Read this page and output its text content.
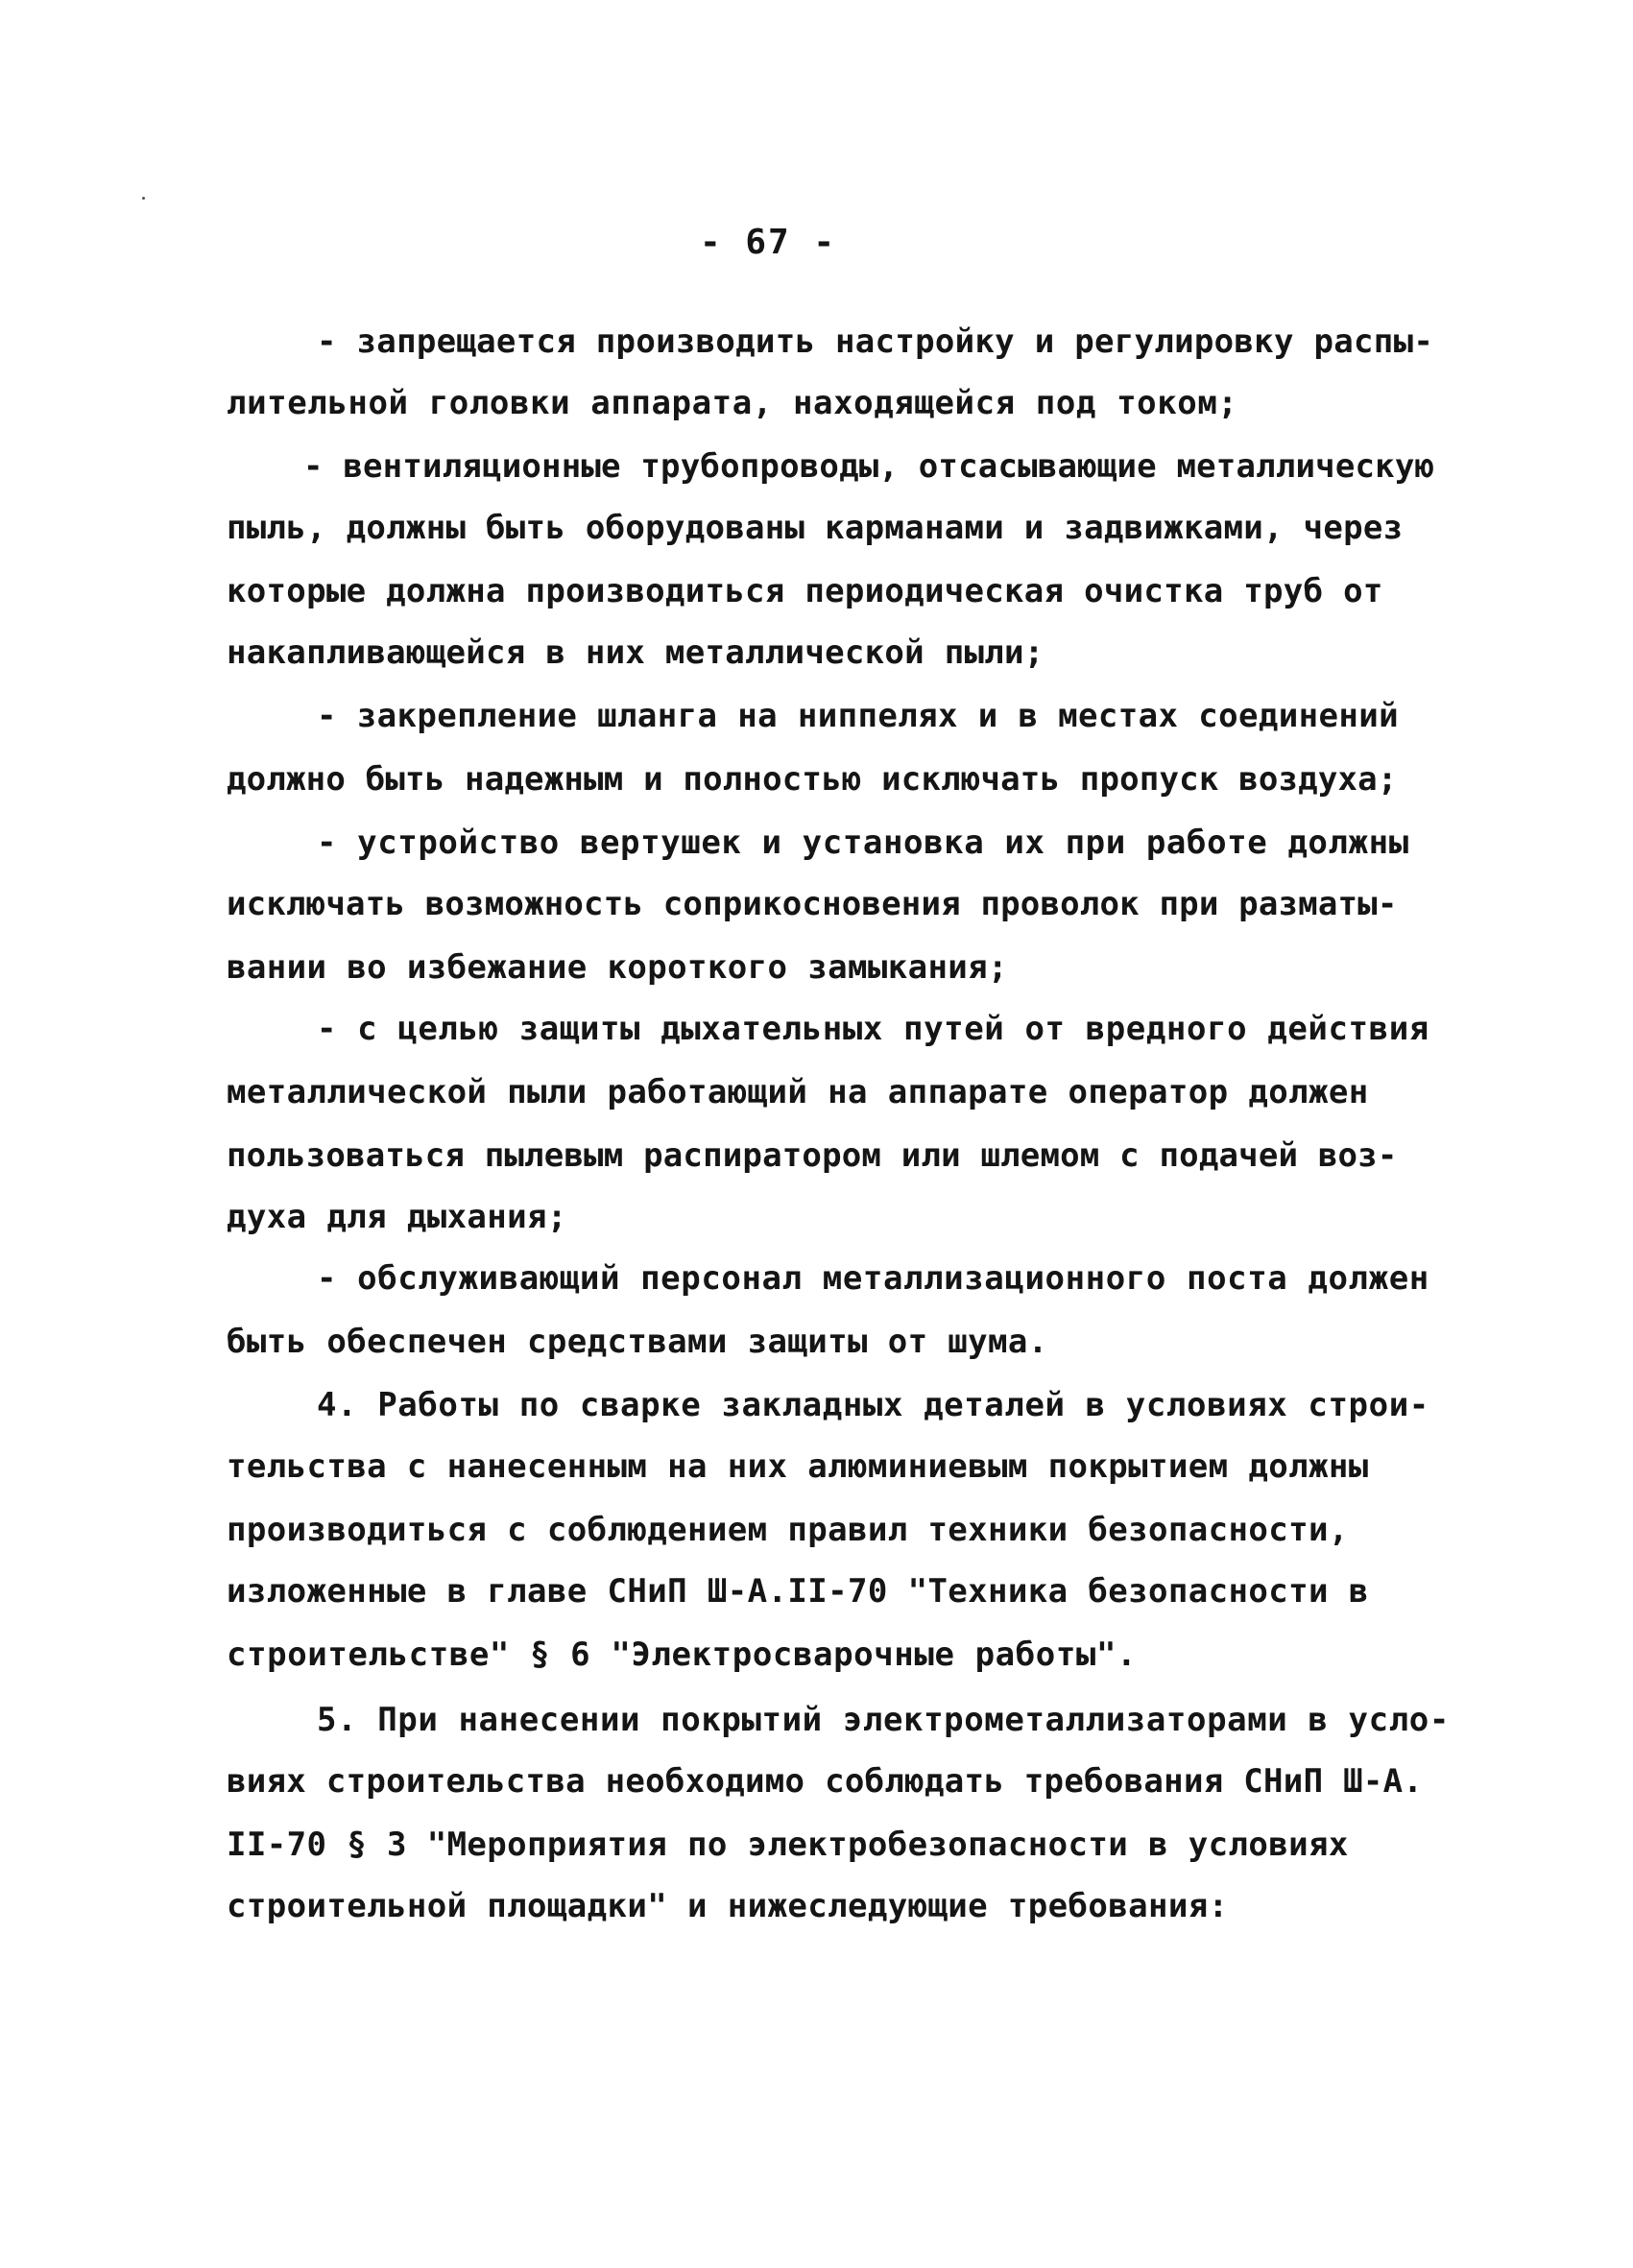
- 67 -
- запрещается производить настройку и регулировку распы-
лительной головки аппарата, находящейся под током;
- вентиляционные трубопроводы, отсасывающие металлическую
пыль, должны быть оборудованы карманами и задвижками, через
которые должна производиться периодическая очистка труб от
накапливающейся в них металлической пыли;
- закрепление шланга на ниппелях и в местах соединений
должно быть надежным и полностью исключать пропуск воздуха;
- устройство вертушек и установка их при работе должны
исключать возможность соприкосновения проволок при разматы-
вании во избежание короткого замыкания;
- с целью защиты дыхательных путей от вредного действия
металлической пыли работающий на аппарате оператор должен
пользоваться пылевым распиратором или шлемом с подачей воз-
духа для дыхания;
- обслуживающий персонал металлизационного поста должен
быть обеспечен средствами защиты от шума.
4. Работы по сварке закладных деталей в условиях строи-
тельства с нанесенным на них алюминиевым покрытием должны
производиться с соблюдением правил техники безопасности,
изложенные в главе СНиП Ш-А.II-70 "Техника безопасности в
строительстве" § 6 "Электросварочные работы".
5. При нанесении покрытий электрометаллизаторами в усло-
виях строительства необходимо соблюдать требования СНиП Ш-А.
II-70 § 3 "Мероприятия по электробезопасности в условиях
строительной площадки" и нижеследующие требования:
